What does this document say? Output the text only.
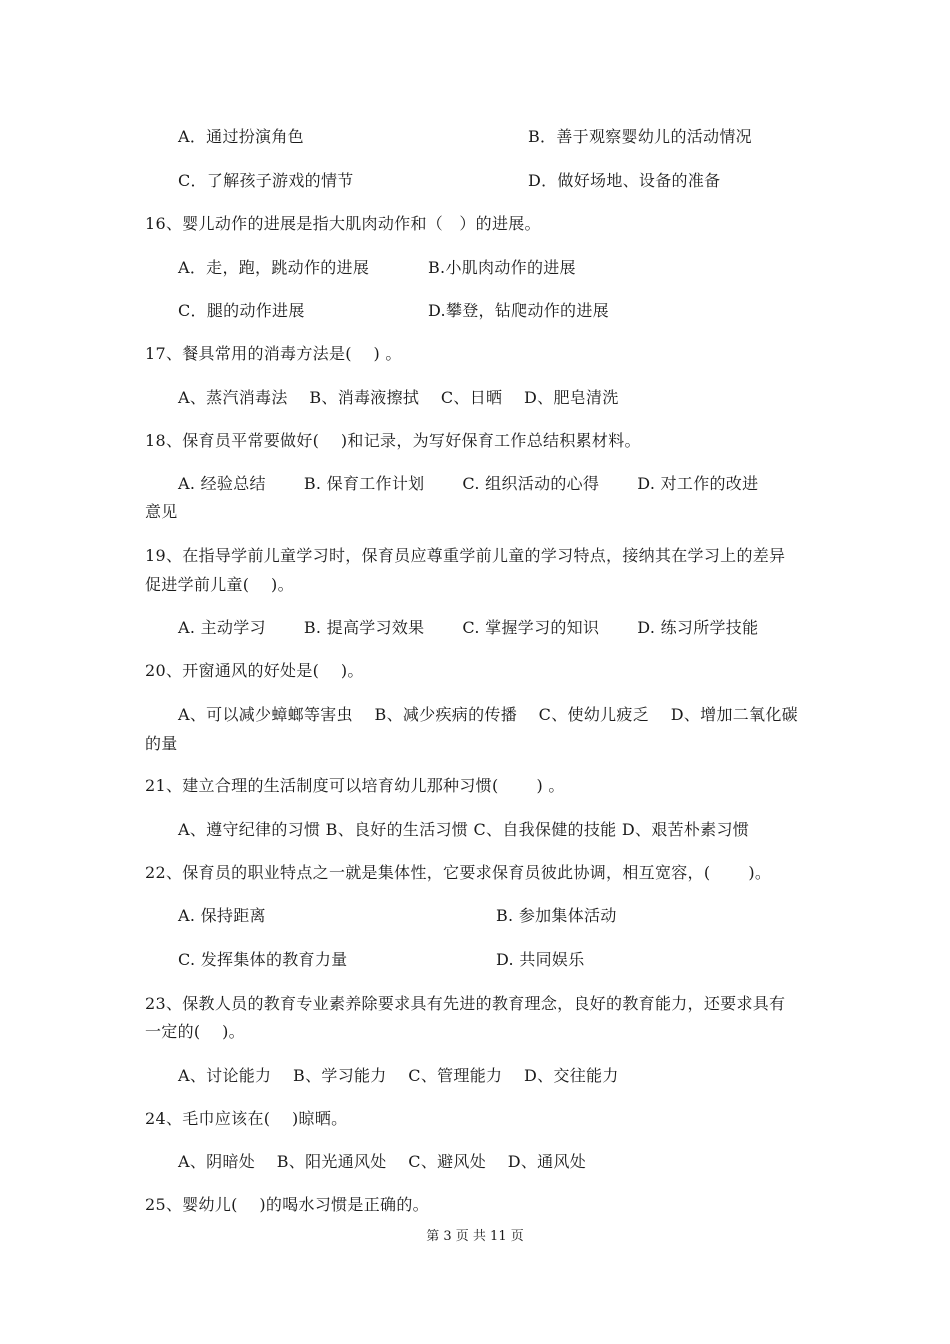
A．通过扮演角色	B．善于观察婴幼儿的活动情况
C．了解孩子游戏的情节	D．做好场地、设备的准备
16、婴儿动作的进展是指大肌肉动作和（　）的进展。
A．走，跑，跳动作的进展	B.小肌肉动作的进展
C．腿的动作进展	D.攀登，钻爬动作的进展
17、餐具常用的消毒方法是(　 ) 。
A、蒸汽消毒法　 B、消毒液擦拭　 C、日晒　 D、肥皂清洗
18、保育员平常要做好(　 )和记录，为写好保育工作总结积累材料。
A. 经验总结　　 B. 保育工作计划　　 C. 组织活动的心得　　 D. 对工作的改进
意见
19、在指导学前儿童学习时，保育员应尊重学前儿童的学习特点，接纳其在学习上的差异
促进学前儿童(　 )。
A. 主动学习　　 B. 提高学习效果　　 C. 掌握学习的知识　　 D. 练习所学技能
20、开窗通风的好处是(　 )。
A、可以减少蟑螂等害虫　 B、减少疾病的传播　 C、使幼儿疲乏　 D、增加二氧化碳
的量
21、建立合理的生活制度可以培育幼儿那种习惯(　　 ) 。
A、遵守纪律的习惯 B、良好的生活习惯 C、自我保健的技能 D、艰苦朴素习惯
22、保育员的职业特点之一就是集体性，它要求保育员彼此协调，相互宽容，(　　 )。
A. 保持距离	B. 参加集体活动
C. 发挥集体的教育力量	D. 共同娱乐
23、保教人员的教育专业素养除要求具有先进的教育理念，良好的教育能力，还要求具有
一定的(　 )。
A、讨论能力　 B、学习能力　 C、管理能力　 D、交往能力
24、毛巾应该在(　 )晾晒。
A、阴暗处　 B、阳光通风处　 C、避风处　 D、通风处
25、婴幼儿(　 )的喝水习惯是正确的。
第 3 页 共 11 页
